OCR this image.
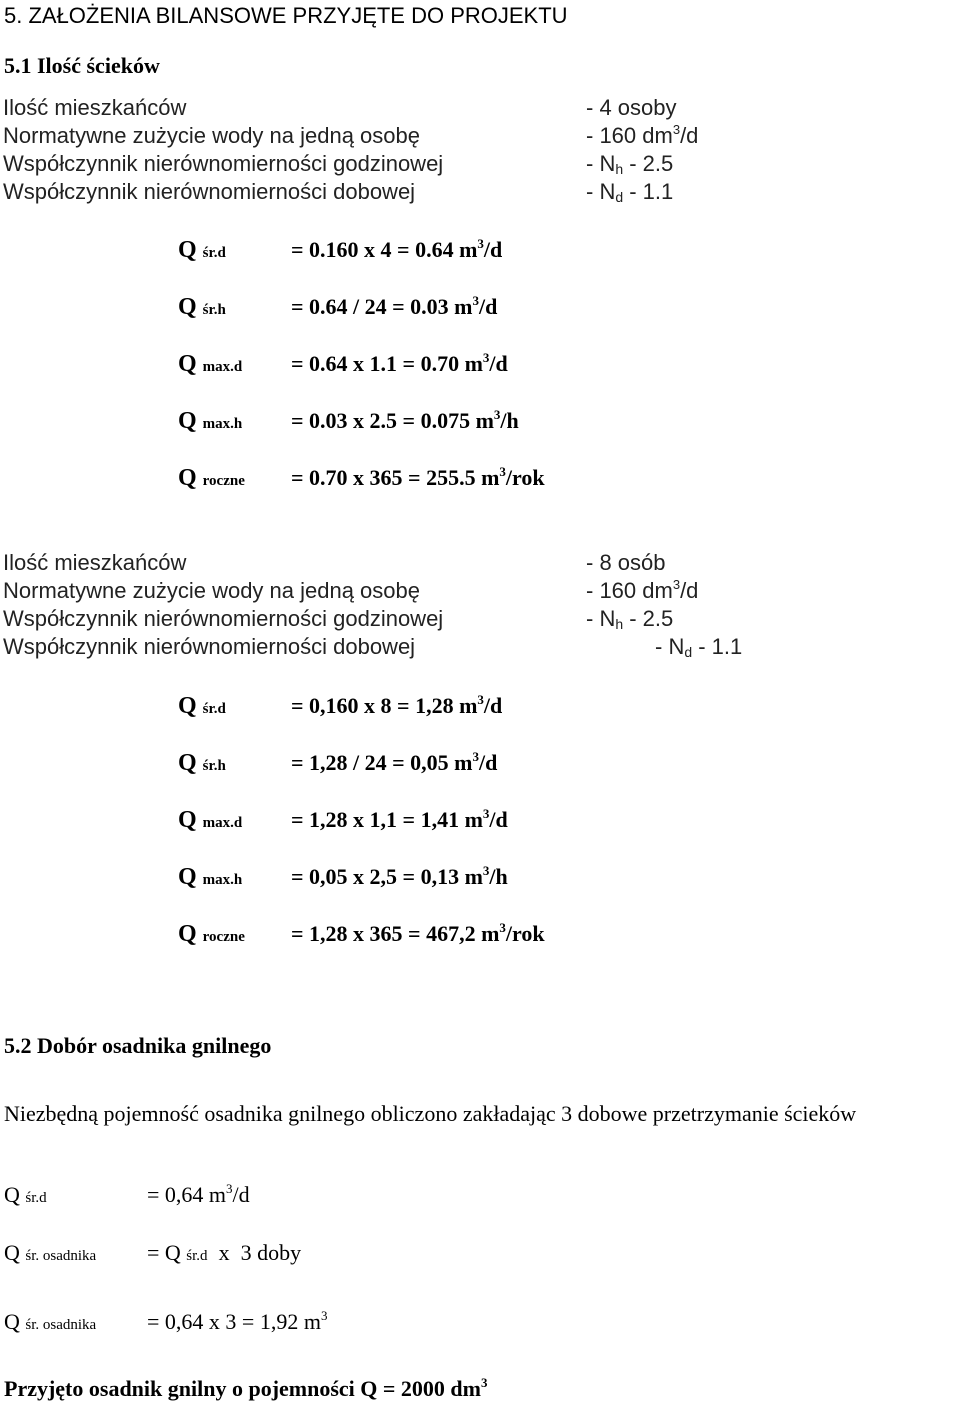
5. ZAŁOŻENIA BILANSOWE PRZYJĘTE DO PROJEKTU
5.1 Ilość ścieków
Ilość mieszkańców	- 4 osoby
Normatywne zużycie wody na jedną osobę	- 160 $dm^3/d$
Współczynnik nierównomierności godzinowej	- $N_h - 2.5$
Współczynnik nierównomierności dobowej	- $N_d - 1.1$
Q śr.d	= 0.160 x 4 = 0.64 $m^3/d$
Q śr.h	= 0.64 / 24 = 0.03 $m^3/d$
Q max.d = 0.64 x 1.1 = 0.70 $m^3/d$
Q max.h = 0.03 x 2.5 = 0.075 $m^3/h$
Q roczne = 0.70 x 365 = 255.5 $m^3$/rok
Ilość mieszkańców	- 8 osób
Normatywne zużycie wody na jedną osobę	- 160 $dm^3/d$
Współczynnik nierównomierności godzinowej	- $N_h - 2.5$
Współczynnik nierównomierności dobowej	- $N_d - 1.1$
Q śr.d	= 0,160 x 8 = 1,28 $m^3/d$
Q śr.h	= 1,28 / 24 = 0,05 $m^3/d$
Q max.d = 1,28 x 1,1 = 1,41 $m^3/d$
Q max.h = 0,05 x 2,5 = 0,13 $m^3/h$
Q roczne = 1,28 x 365 = 467,2 $m^3$/rok
5.2 Dobór osadnika gnilnego
Niezbędną pojemność osadnika gnilnego obliczono zakładając 3 dobowe przetrzymanie ścieków
Q śr.d	= 0,64 $m^3/d$
Q śr. osadnika = Q śr.d  x  3 doby
Q śr. osadnika = 0,64 x 3 = 1,92 $m^3$
Przyjęto osadnik gnilny o pojemności Q = 2000 $dm^3$
